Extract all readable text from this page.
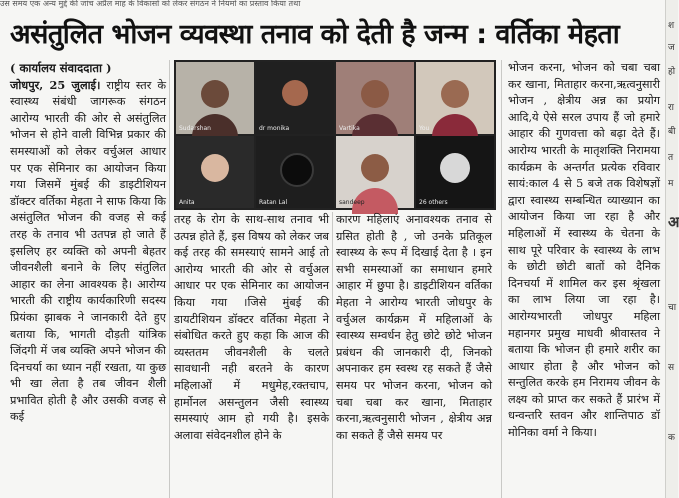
उस समय एक अन्य मुद्दे की जांच अप्रैल माह के विकासों को लेकर संगठन ने नियमों का प्रस्ताव किया तथा
असंतुलित भोजन व्यवस्था तनाव को देती है जन्म : वर्तिका मेहता

( कार्यालय संवाददाता )
जोधपुर, 25 जुलाई। राष्ट्रीय स्तर के स्वास्थ्य संबंधी जागरूक संगठन आरोग्य भारती की ओर से असंतुलित भोजन से होने वाली विभिन्न प्रकार की समस्याओं को लेकर वर्चुअल आधार पर एक सेमिनार का आयोजन किया गया जिसमें मुंबई की डाइटीशियन डॉक्टर वर्तिका मेहता ने साफ किया कि असंतुलित भोजन की वजह से कई तरह के तनाव भी उतपन्न हो जाते हैं इसलिए हर व्यक्ति को अपनी बेहतर जीवनशैली बनाने के लिए संतुलित आहार का लेना आवश्यक है। आरोग्य भारती की राष्ट्रीय कार्यकारिणी सदस्य प्रियंका झाबक ने जानकारी देते हुए बताया कि, भागती दौड़ती यांत्रिक जिंदगी में जब व्यक्ति अपने भोजन की दिनचर्या का ध्यान नहीं रखता, या कुछ भी खा लेता है तब जीवन शैली प्रभावित होती है और उसकी वजह से कई

Sudarshan	dr monika	Vartika	You
Anita	Ratan Lal	sandeep	26 others

तरह के रोग के साथ-साथ तनाव भी उत्पन्न होते हैं, इस विषय को लेकर जब कई तरह की समस्याएं सामने आई तो आरोग्य भारती की ओर से वर्चुअल आधार पर एक सेमिनार का आयोजन किया गया ।जिसे मुंबई की डायटीशियन डॉक्टर वर्तिका मेहता ने संबोधित करते हुए कहा कि आज की व्यस्ततम जीवनशैली के चलते सावधानी नही बरतने के कारण महिलाओं में मधुमेह,रक्तचाप, हार्मोनल असन्तुलन जैसी स्वास्थ्य समस्याएं आम हो गयी है। इसके अलावा संवेदनशील होने के

कारण महिलाएं अनावश्यक तनाव से ग्रसित होती है , जो उनके प्रतिकूल स्वास्थ्य के रूप में दिखाई देता है । इन सभी समस्याओं का समाधान हमारे आहार में छुपा है। डाइटीशियन वर्तिका मेहता ने आरोग्य भारती जोधपुर के वर्चुअल कार्यक्रम में महिलाओं के स्वास्थ्य सम्वर्धन हेतु छोटे छोटे भोजन प्रबंधन की जानकारी दी, जिनको अपनाकर हम स्वस्थ रह सकते हैं जैसे समय पर भोजन करना, भोजन को चबा चबा कर खाना, मिताहार करना,ऋत्वनुसारी भोजन , क्षेत्रीय अन्न का सकते हैं जैसे समय पर

भोजन करना, भोजन को चबा चबा कर खाना, मिताहार करना,ऋत्वनुसारी भोजन , क्षेत्रीय अन्न का प्रयोग आदि,ये ऐसे सरल उपाय हैं जो हमारे आहार की गुणवत्ता को बढ़ा देते हैं। आरोग्य भारती के मातृशक्ति निरामया कार्यक्रम के अन्तर्गत प्रत्येक रविवार सायं:काल 4 से 5 बजे तक विशेषज्ञों द्वारा स्वास्थ्य सम्बन्धित व्याख्यान का आयोजन किया जा रहा है और महिलाओं में स्वास्थ्य के चेतना के साथ पूरे परिवार के स्वास्थ्य के लाभ के छोटी छोटी बातों को दैनिक दिनचर्या में शामिल कर इस श्रृंखला का लाभ लिया जा रहा है। आरोग्यभारती जोधपुर महिला महानगर प्रमुख माधवी श्रीवास्तव ने बताया कि भोजन ही हमारे शरीर का आधार होता है और भोजन को सन्तुलित करके हम निरामय जीवन के लक्ष्य को प्राप्त कर सकते हैं प्रारंभ में धन्वन्तरि स्तवन और शान्तिपाठ डॉ मोनिका वर्मा ने किया।

श
ज
हो
रा
बी
त
म
अ
चा
स
क
